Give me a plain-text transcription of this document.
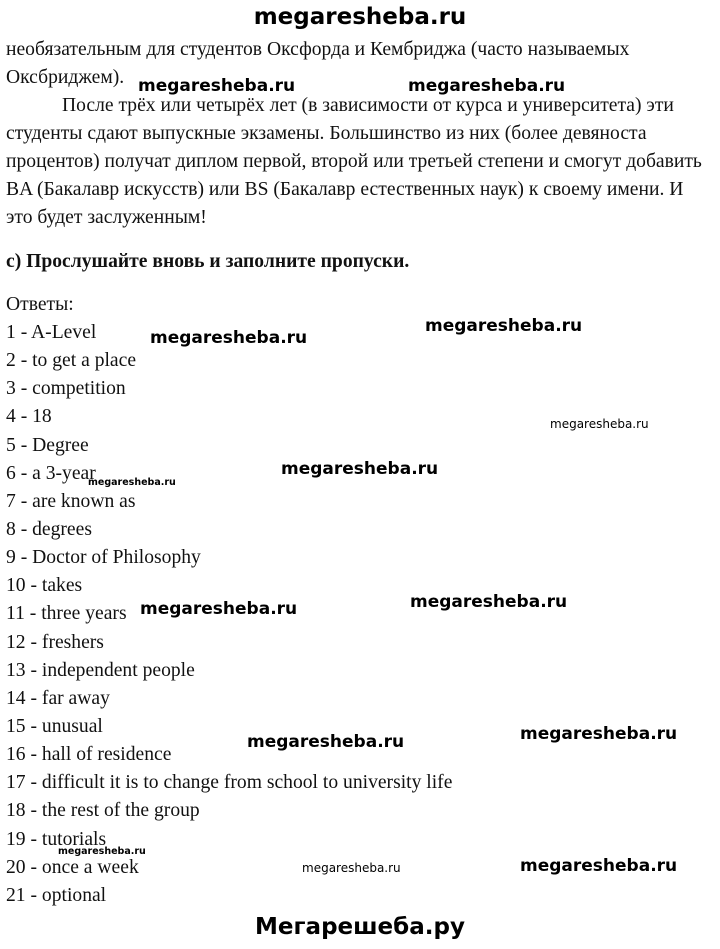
megaresheba.ru

необязательным для студентов Оксфорда и Кембриджа (часто называемых Оксбриджем).

После трёх или четырёх лет (в зависимости от курса и университета) эти студенты сдают выпускные экзамены. Большинство из них (более девяноста процентов) получат диплом первой, второй или третьей степени и смогут добавить BA (Бакалавр искусств) или BS (Бакалавр естественных наук) к своему имени. И это будет заслуженным!

c) Прослушайте вновь и заполните пропуски.
Ответы:
1 - A-Level
2 - to get a place
3 - competition
4 - 18
5 - Degree
6 - a 3-year
7 - are known as
8 - degrees
9 - Doctor of Philosophy
10 - takes
11 - three years
12 - freshers
13 - independent people
14 - far away
15 - unusual
16 - hall of residence
17 - difficult it is to change from school to university life
18 - the rest of the group
19 - tutorials
20 - once a week
21 - optional
megaresheba.ru	megaresheba.ru
megaresheba.ru
megaresheba.ru
megaresheba.ru
megaresheba.ru
megaresheba.ru
megaresheba.ru	megaresheba.ru
megaresheba.ru	megaresheba.ru
megaresheba.ru
megaresheba.ru	megaresheba.ru
Мегарешеба.ру
